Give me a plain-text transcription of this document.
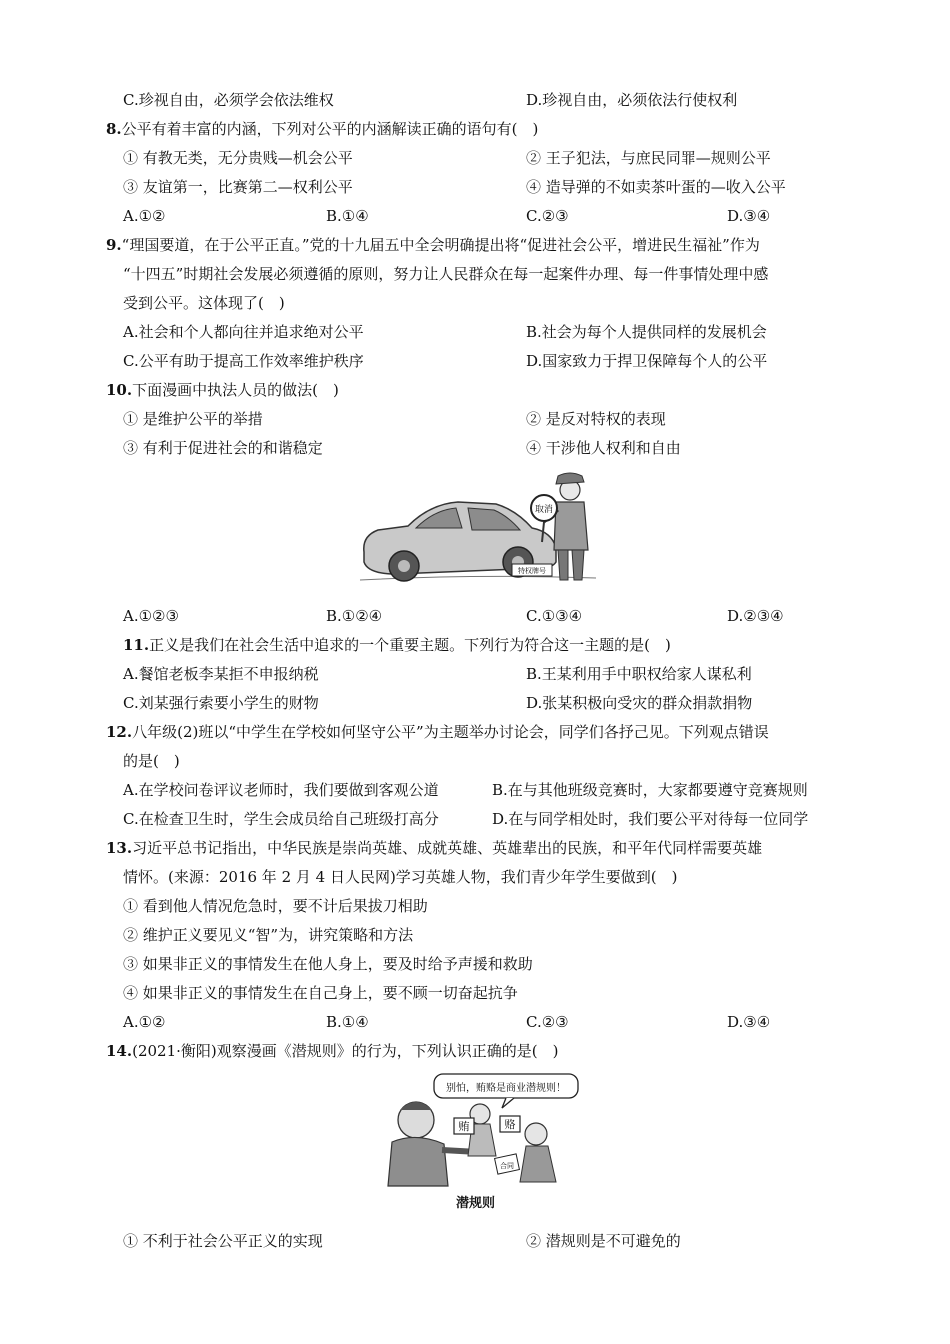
C.珍视自由，必须学会依法维权	D.珍视自由，必须依法行使权利
8.公平有着丰富的内涵，下列对公平的内涵解读正确的语句有(　)
① 有教无类，无分贵贱—机会公平	② 王子犯法，与庶民同罪—规则公平
③ 友谊第一，比赛第二—权利公平	④ 造导弹的不如卖茶叶蛋的—收入公平
A.①②	B.①④	C.②③	D.③④
9.“理国要道，在于公平正直。”党的十九届五中全会明确提出将“促进社会公平，增进民生福祉”作为
“十四五”时期社会发展必须遵循的原则，努力让人民群众在每一起案件办理、每一件事情处理中感
受到公平。这体现了(　)
A.社会和个人都向往并追求绝对公平	B.社会为每个人提供同样的发展机会
C.公平有助于提高工作效率维护秩序	D.国家致力于捍卫保障每个人的公平
10.下面漫画中执法人员的做法(　)
① 是维护公平的举措	② 是反对特权的表现
③ 有利于促进社会的和谐稳定	④ 干涉他人权利和自由
特权牌号
取消
A.①②③	B.①②④	C.①③④	D.②③④
11.正义是我们在社会生活中追求的一个重要主题。下列行为符合这一主题的是(　)
A.餐馆老板李某拒不申报纳税	B.王某利用手中职权给家人谋私利
C.刘某强行索要小学生的财物	D.张某积极向受灾的群众捐款捐物
12.八年级(2)班以“中学生在学校如何坚守公平”为主题举办讨论会，同学们各抒己见。下列观点错误
的是(　)
A.在学校问卷评议老师时，我们要做到客观公道	B.在与其他班级竞赛时，大家都要遵守竞赛规则
C.在检查卫生时，学生会成员给自己班级打高分	D.在与同学相处时，我们要公平对待每一位同学
13.习近平总书记指出，中华民族是崇尚英雄、成就英雄、英雄辈出的民族，和平年代同样需要英雄
情怀。(来源：2016 年 2 月 4 日人民网)学习英雄人物，我们青少年学生要做到(　)
① 看到他人情况危急时，要不计后果拔刀相助
② 维护正义要见义“智”为，讲究策略和方法
③ 如果非正义的事情发生在他人身上，要及时给予声援和救助
④ 如果非正义的事情发生在自己身上，要不顾一切奋起抗争
A.①②	B.①④	C.②③	D.③④
14.(2021·衡阳)观察漫画《潜规则》的行为，下列认识正确的是(　)
别怕，贿赂是商业潜规则！
贿	赂
合同
潜规则
① 不利于社会公平正义的实现	② 潜规则是不可避免的
